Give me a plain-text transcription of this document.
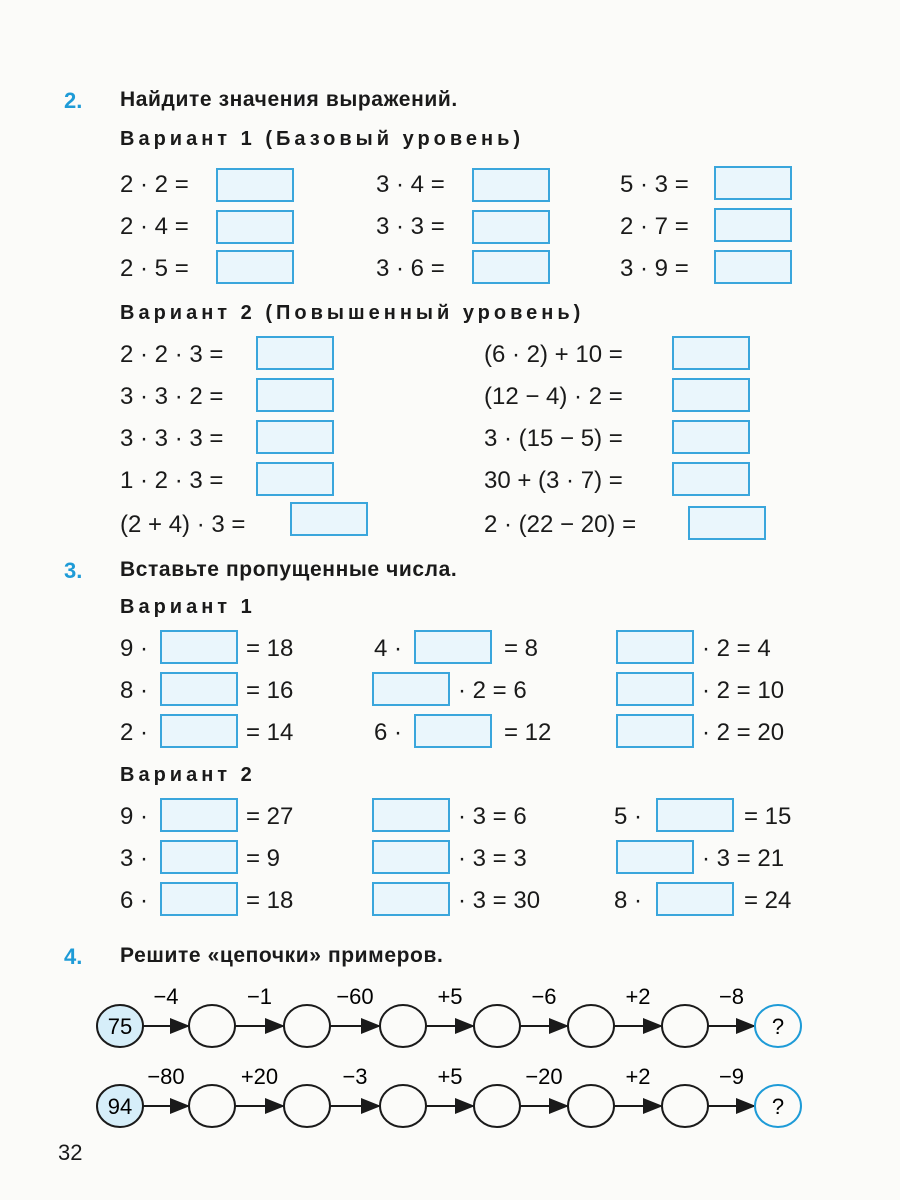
2. Найдите значения выражений.
Вариант 1 (Базовый уровень)
2 · 2 =	3 · 4 =	5 · 3 =
2 · 4 =	3 · 3 =	2 · 7 =
2 · 5 =	3 · 6 =	3 · 9 =
Вариант 2 (Повышенный уровень)
2 · 2 · 3 =	(6 · 2) + 10 =
3 · 3 · 2 =	(12 − 4) · 2 =
3 · 3 · 3 =	3 · (15 − 5) =
1 · 2 · 3 =	30 + (3 · 7) =
(2 + 4) · 3 =	2 · (22 − 20) =
3. Вставьте пропущенные числа.
Вариант 1
9 ·	= 18	4 ·	= 8	· 2 = 4
8 ·	= 16	· 2 = 6	· 2 = 10
2 ·	= 14	6 ·	= 12	· 2 = 20
Вариант 2
9 ·	= 27	· 3 = 6	5 ·	= 15
3 ·	= 9	· 3 = 3	· 3 = 21
6 ·	= 18	· 3 = 30	8 ·	= 24
4. Решите «цепочки» примеров.
75
−4	−1	−60	+5	−6	+2	−8
?
94
−80	+20	−3	+5	−20	+2	−9
?
32
